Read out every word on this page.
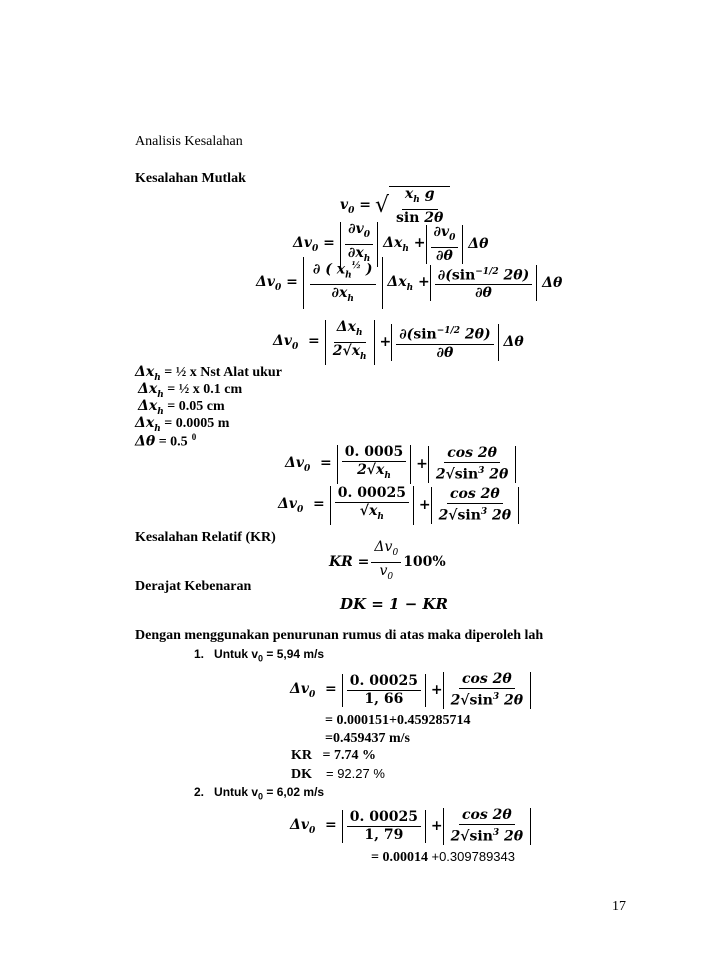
Analisis Kesalahan
Kesalahan Mutlak
$v_0$ = √ $\frac{x_h g}{\sin 2\theta}$
$\Delta v_0 = \frac{\partial v_0}{\partial x_h} \Delta x_h + \frac{\partial v_0}{\partial\theta}$ Δθ
$\Delta v_0 = \frac{\partial ( x_h^{\frac{1}{2}} )}{\partial x_h} \Delta x_h + \frac{\partial(\sin^{-1/2} 2\theta)}{\partial\theta}$ Δθ
$\Delta v_0 = \frac{\Delta x_h}{2√x_h} + \frac{\partial(\sin^{-1/2} 2\theta)}{\partial\theta}$ Δθ
$\Delta x_h$ = ½ x Nst Alat ukur
$\Delta x_h$ = ½ x 0.1 cm
$\Delta x_h = 0.05$ cm
$\Delta x_h = 0.0005$ m
Δθ = 0.5 $^0$
$\Delta v_0 = \frac{0. 0005}{2√x_h} + \frac{\cos 2\theta}{2√\sin^3 2\theta}$
$\Delta v_0 = \frac{0. 00025}{√x_h} + \frac{\cos 2\theta}{2√\sin^3 2\theta}$
Kesalahan Relatif (KR)
KR = $\frac{\Delta v_0}{v_0} 100\%$
Derajat Kebenaran
DK = 1 − KR
Dengan menggunakan penurunan rumus di atas maka diperoleh lah
1. Untuk $v_0 = 5,94$ m/s
$\Delta v_0 = \frac{0. 00025}{1, 66} + \frac{\cos 2\theta}{2√\sin^3 2\theta}$
= 0.000151+0.459285714
=0.459437 m/s
KR = 7.74 %
DK = 92.27 %
2. Untuk $v_0 = 6,02$ m/s
$\Delta v_0 = \frac{0. 00025}{1, 79} + \frac{\cos 2\theta}{2√\sin^3 2\theta}$
= 0.00014 +0.309789343
17
